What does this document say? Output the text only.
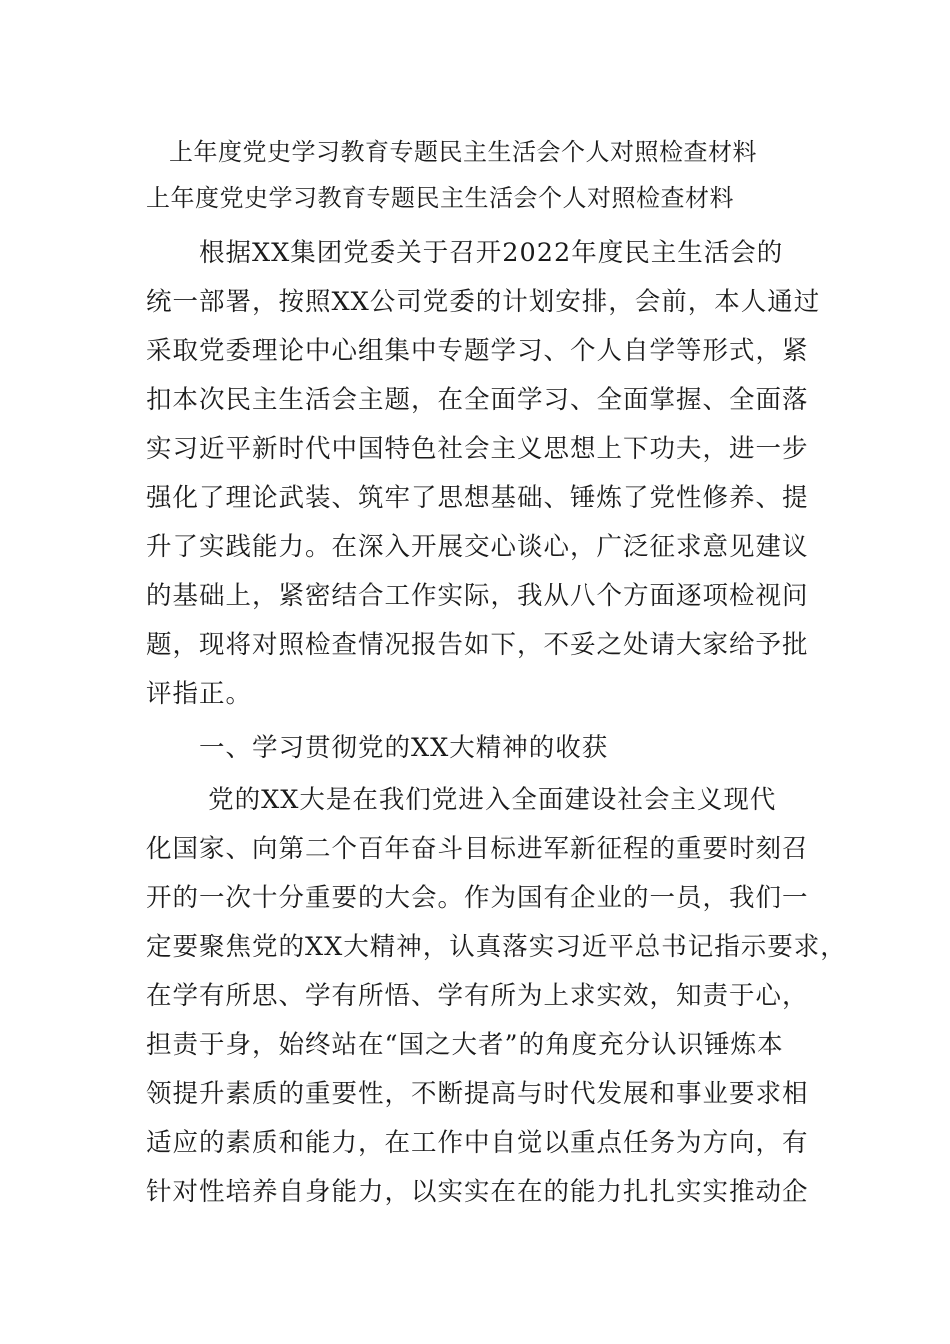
上年度党史学习教育专题民主生活会个人对照检查材料
上年度党史学习教育专题民主生活会个人对照检查材料
　　根据XX集团党委关于召开2022年度民主生活会的
统一部署，按照XX公司党委的计划安排，会前，本人通过
采取党委理论中心组集中专题学习、个人自学等形式，紧
扣本次民主生活会主题，在全面学习、全面掌握、全面落
实习近平新时代中国特色社会主义思想上下功夫，进一步
强化了理论武装、筑牢了思想基础、锤炼了党性修养、提
升了实践能力。在深入开展交心谈心，广泛征求意见建议
的基础上，紧密结合工作实际，我从八个方面逐项检视问
题，现将对照检查情况报告如下，不妥之处请大家给予批
评指正。
　　一、学习贯彻党的XX大精神的收获
　　 党的XX大是在我们党进入全面建设社会主义现代
化国家、向第二个百年奋斗目标进军新征程的重要时刻召
开的一次十分重要的大会。作为国有企业的一员，我们一
定要聚焦党的XX大精神，认真落实习近平总书记指示要求，
在学有所思、学有所悟、学有所为上求实效，知责于心，
担责于身，始终站在“国之大者”的角度充分认识锤炼本
领提升素质的重要性，不断提高与时代发展和事业要求相
适应的素质和能力，在工作中自觉以重点任务为方向，有
针对性培养自身能力，以实实在在的能力扎扎实实推动企
